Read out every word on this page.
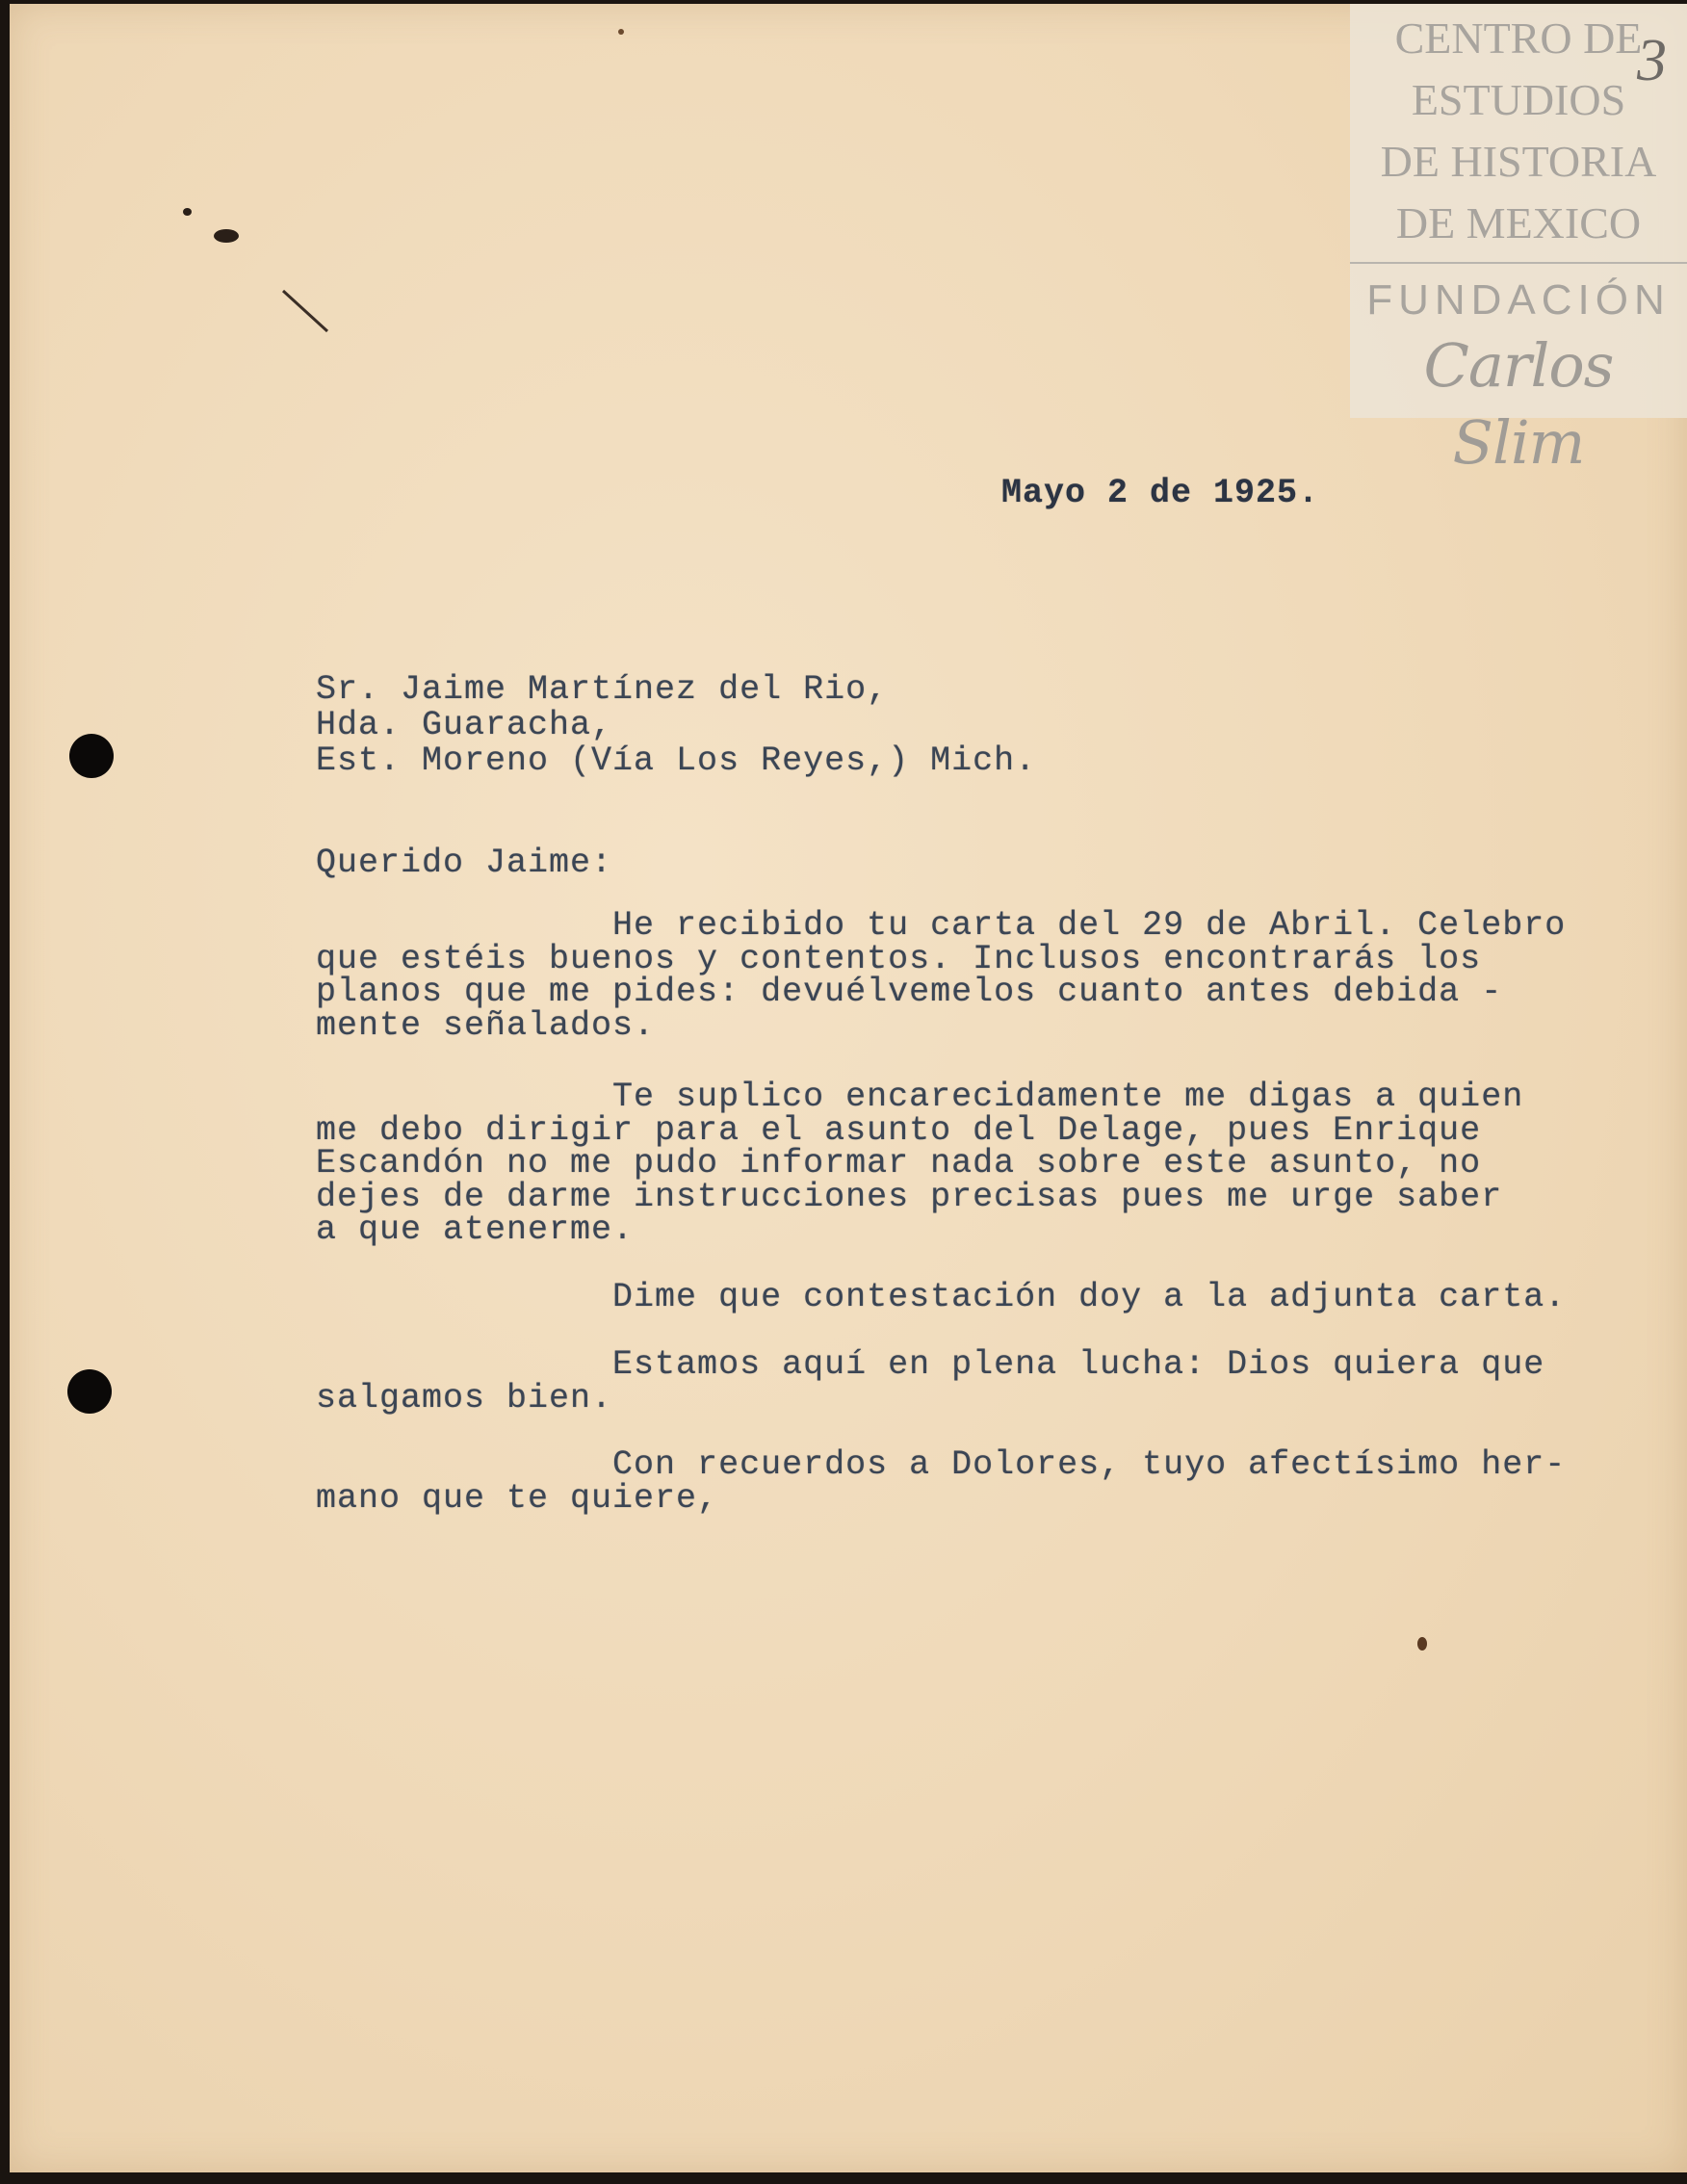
CENTRO DE
ESTUDIOS
DE HISTORIA
DE MEXICO
FUNDACIÓN
Carlos Slim
3
Mayo 2 de 1925.
Sr. Jaime Martínez del Rio,
Hda. Guaracha,
Est. Moreno (Vía Los Reyes,) Mich.
Querido Jaime:
He recibido tu carta del 29 de Abril. Celebro
que estéis buenos y contentos. Inclusos encontrarás los
planos que me pides: devuélvemelos cuanto antes debida -
mente señalados.
Te suplico encarecidamente me digas a quien
me debo dirigir para el asunto del Delage, pues Enrique
Escandón no me pudo informar nada sobre este asunto, no
dejes de darme instrucciones precisas pues me urge saber
a que atenerme.
Dime que contestación doy a la adjunta carta.
Estamos aquí en plena lucha: Dios quiera que
salgamos bien.
Con recuerdos a Dolores, tuyo afectísimo her-
mano que te quiere,
